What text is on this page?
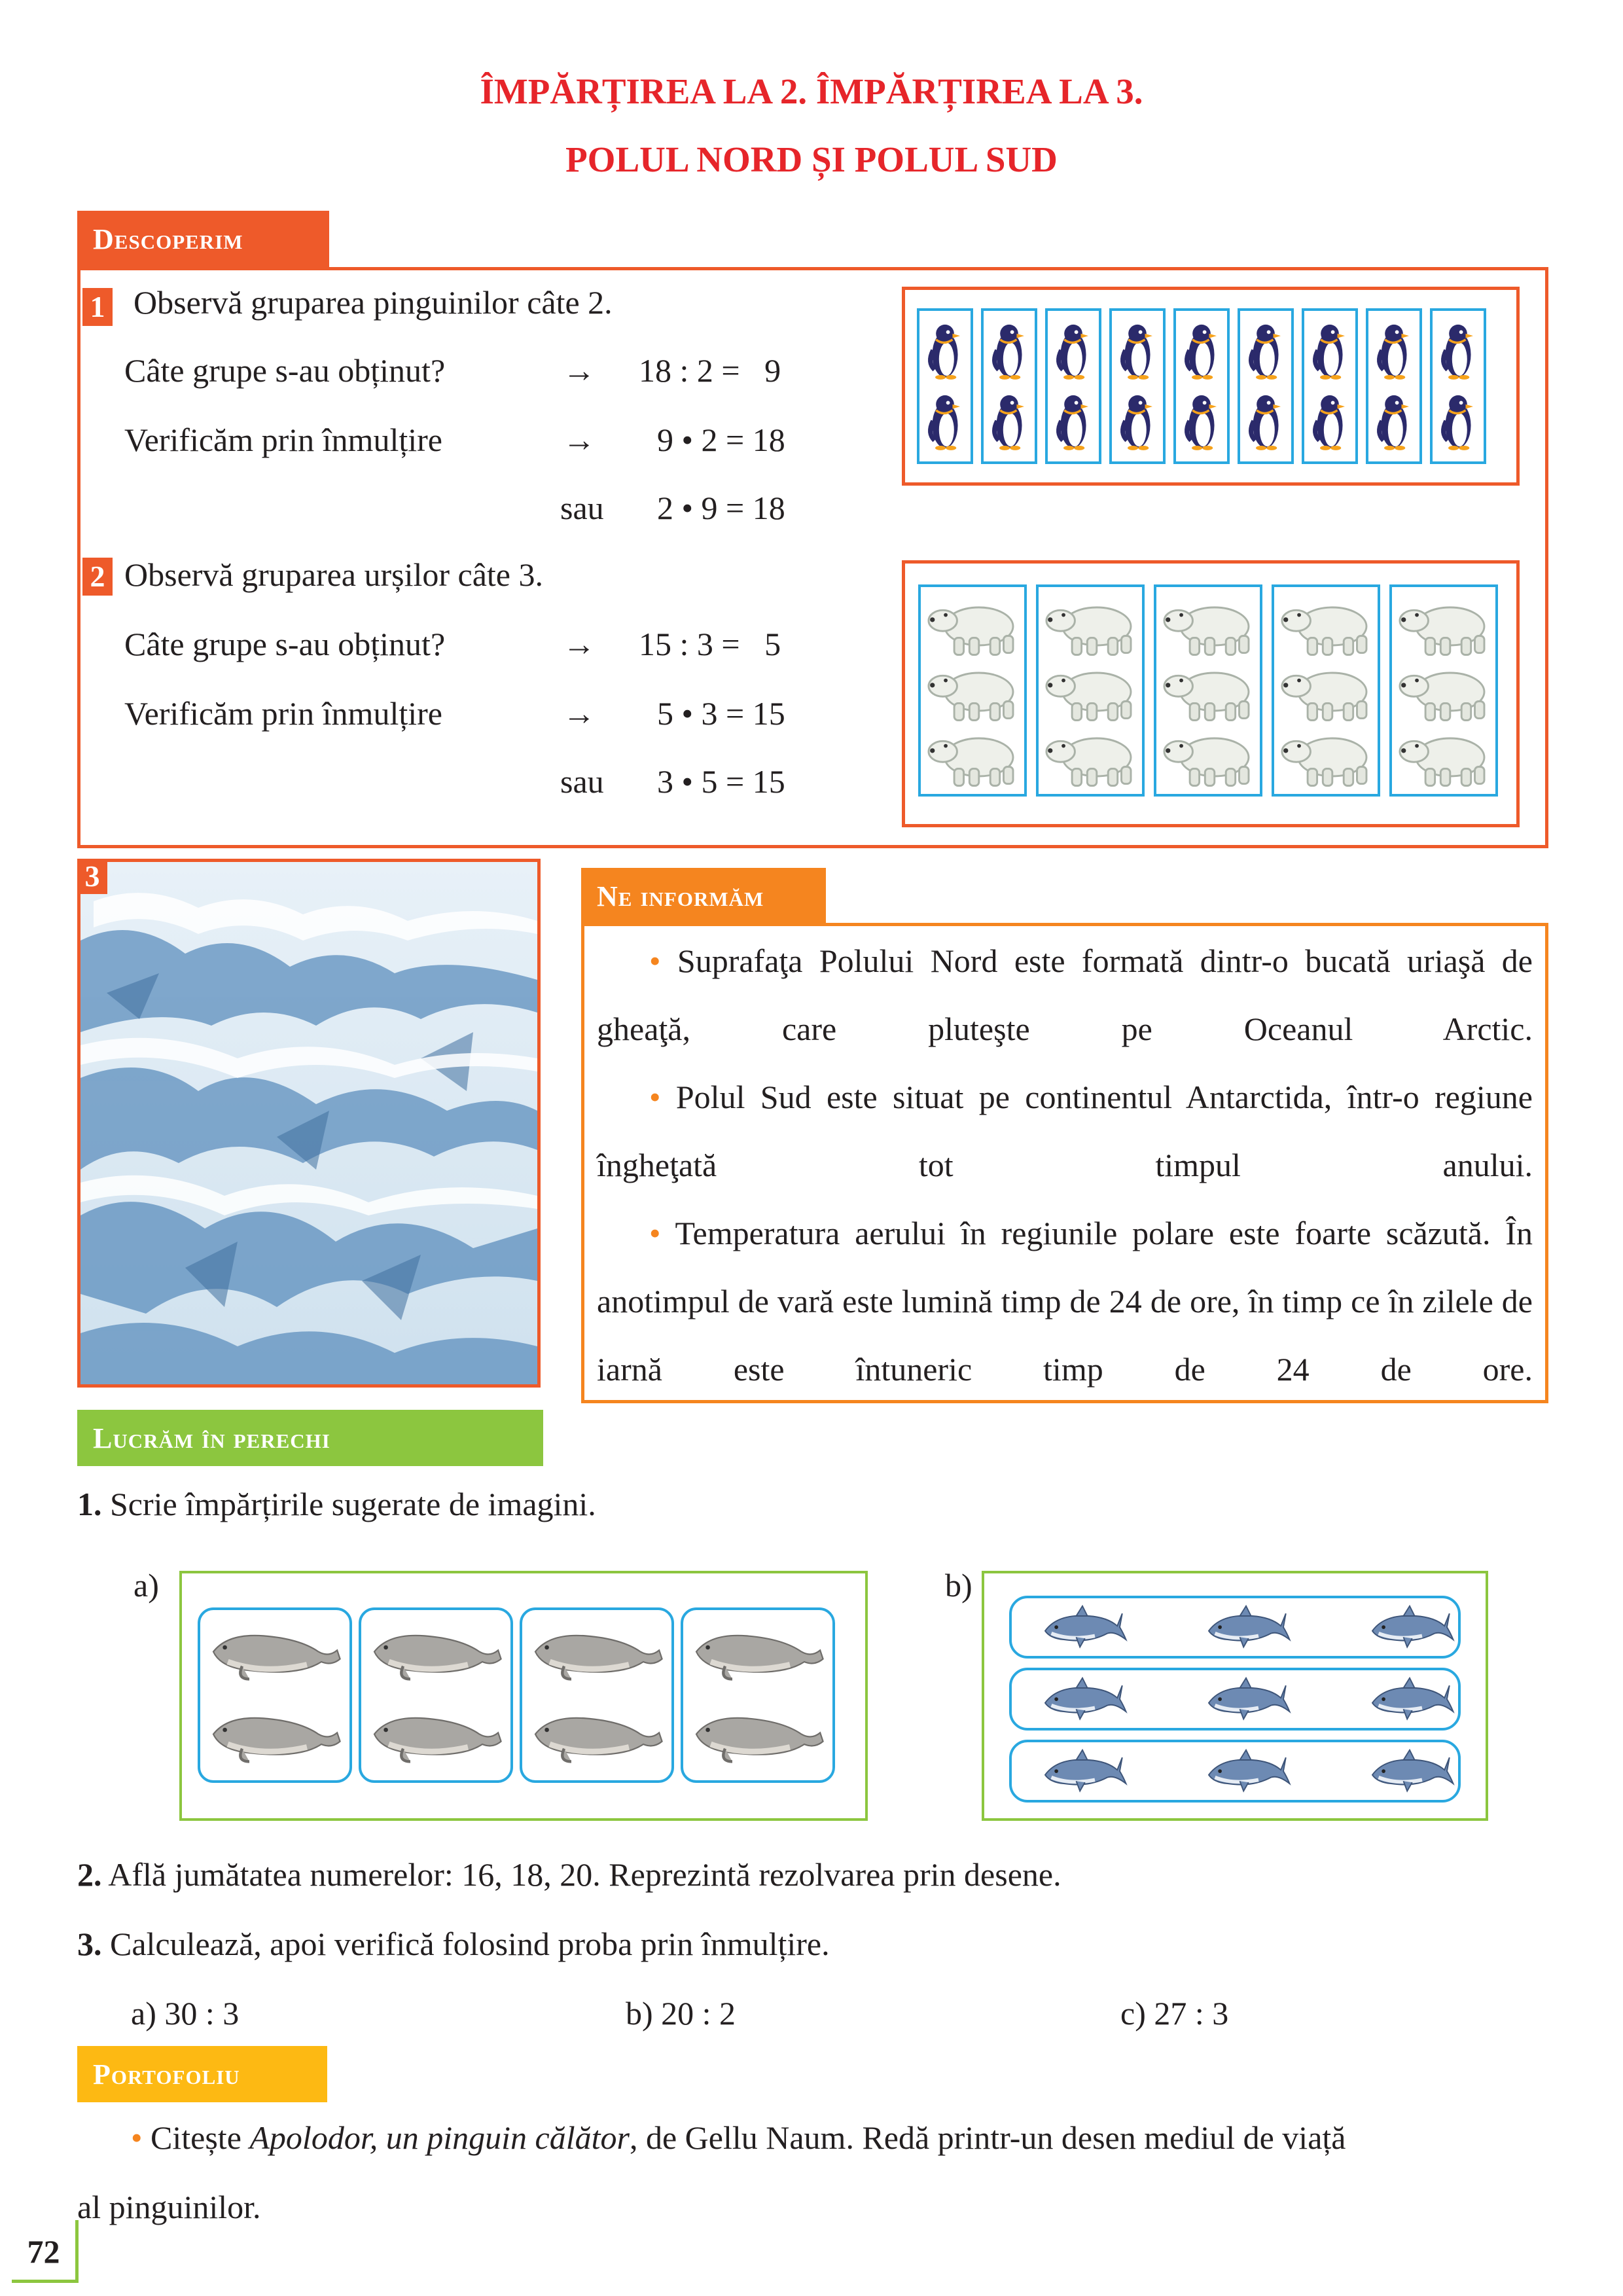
ÎMPĂRȚIREA LA 2. ÎMPĂRȚIREA LA 3.
POLUL NORD ȘI POLUL SUD
Descoperim
1 Observă gruparea pinguinilor câte 2.
Câte grupe s-au obținut?	→ 18 : 2 =   9
Verificăm prin înmulțire	→ 9 • 2 = 18
sau 2 • 9 = 18
2 Observă gruparea urșilor câte 3.
Câte grupe s-au obținut?	→ 15 : 3 =   5
Verificăm prin înmulțire	→ 5 • 3 = 15
sau 3 • 5 = 15
3
Ne informăm
• Suprafaţa Polului Nord este formată dintr-o bucată uriaşă de gheaţă, care pluteşte pe Oceanul Arctic.
• Polul Sud este situat pe continentul Antarctida, într-o regiune îngheţată tot timpul anului.
• Temperatura aerului în regiunile polare este foarte scăzută. În anotimpul de vară este lumină timp de 24 de ore, în timp ce în zilele de iarnă este întuneric timp de 24 de ore.
Lucrăm în perechi
1. Scrie împărțirile sugerate de imagini.
a)	b)
2. Află jumătatea numerelor: 16, 18, 20. Reprezintă rezolvarea prin desene.
3. Calculează, apoi verifică folosind proba prin înmulțire.
a) 30 : 3	b) 20 : 2	c) 27 : 3
Portofoliu
• Citește Apolodor, un pinguin călător, de Gellu Naum. Redă printr-un desen mediul de viață
al pinguinilor.
72
